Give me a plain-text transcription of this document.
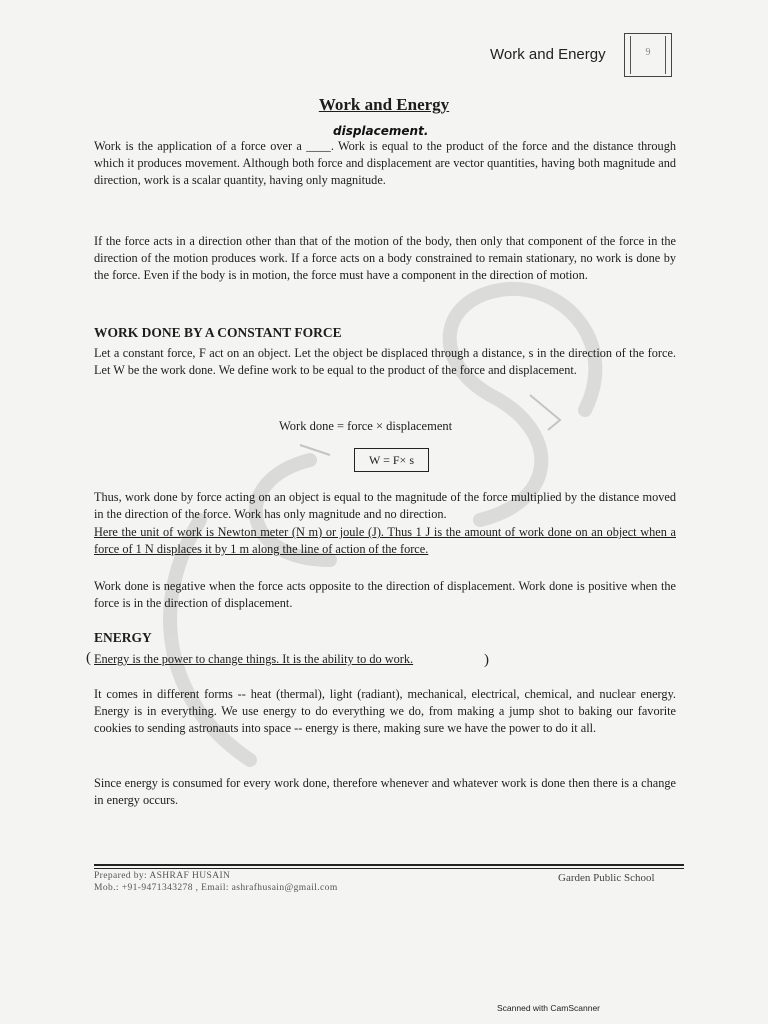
Work and Energy	9
Work and Energy
displacement.

Work is the application of a force over a ____. Work is equal to the product of the force and the distance through which it produces movement. Although both force and displacement are vector quantities, having both magnitude and direction, work is a scalar quantity, having only magnitude.

If the force acts in a direction other than that of the motion of the body, then only that component of the force in the direction of the motion produces work. If a force acts on a body constrained to remain stationary, no work is done by the force. Even if the body is in motion, the force must have a component in the direction of motion.

WORK DONE BY A CONSTANT FORCE

Let a constant force, F act on an object. Let the object be displaced through a distance, s in the direction of the force. Let W be the work done. We define work to be equal to the product of the force and displacement.

Work done = force × displacement
W = F× s

Thus, work done by force acting on an object is equal to the magnitude of the force multiplied by the distance moved in the direction of the force. Work has only magnitude and no direction.

Here the unit of work is Newton meter (N m) or joule (J). Thus 1 J is the amount of work done on an object when a force of 1 N displaces it by 1 m along the line of action of the force.

Work done is negative when the force acts opposite to the direction of displacement. Work done is positive when the force is in the direction of displacement.

ENERGY
( Energy is the power to change things. It is the ability to do work.	)

It comes in different forms -- heat (thermal), light (radiant), mechanical, electrical, chemical, and nuclear energy. Energy is in everything. We use energy to do everything we do, from making a jump shot to baking our favorite cookies to sending astronauts into space -- energy is there, making sure we have the power to do it all.

Since energy is consumed for every work done, therefore whenever and whatever work is done then there is a change in energy occurs.

Prepared by: ASHRAF HUSAIN
Mob.: +91-9471343278 , Email: ashrafhusain@gmail.com
Garden Public School
Scanned with CamScanner
